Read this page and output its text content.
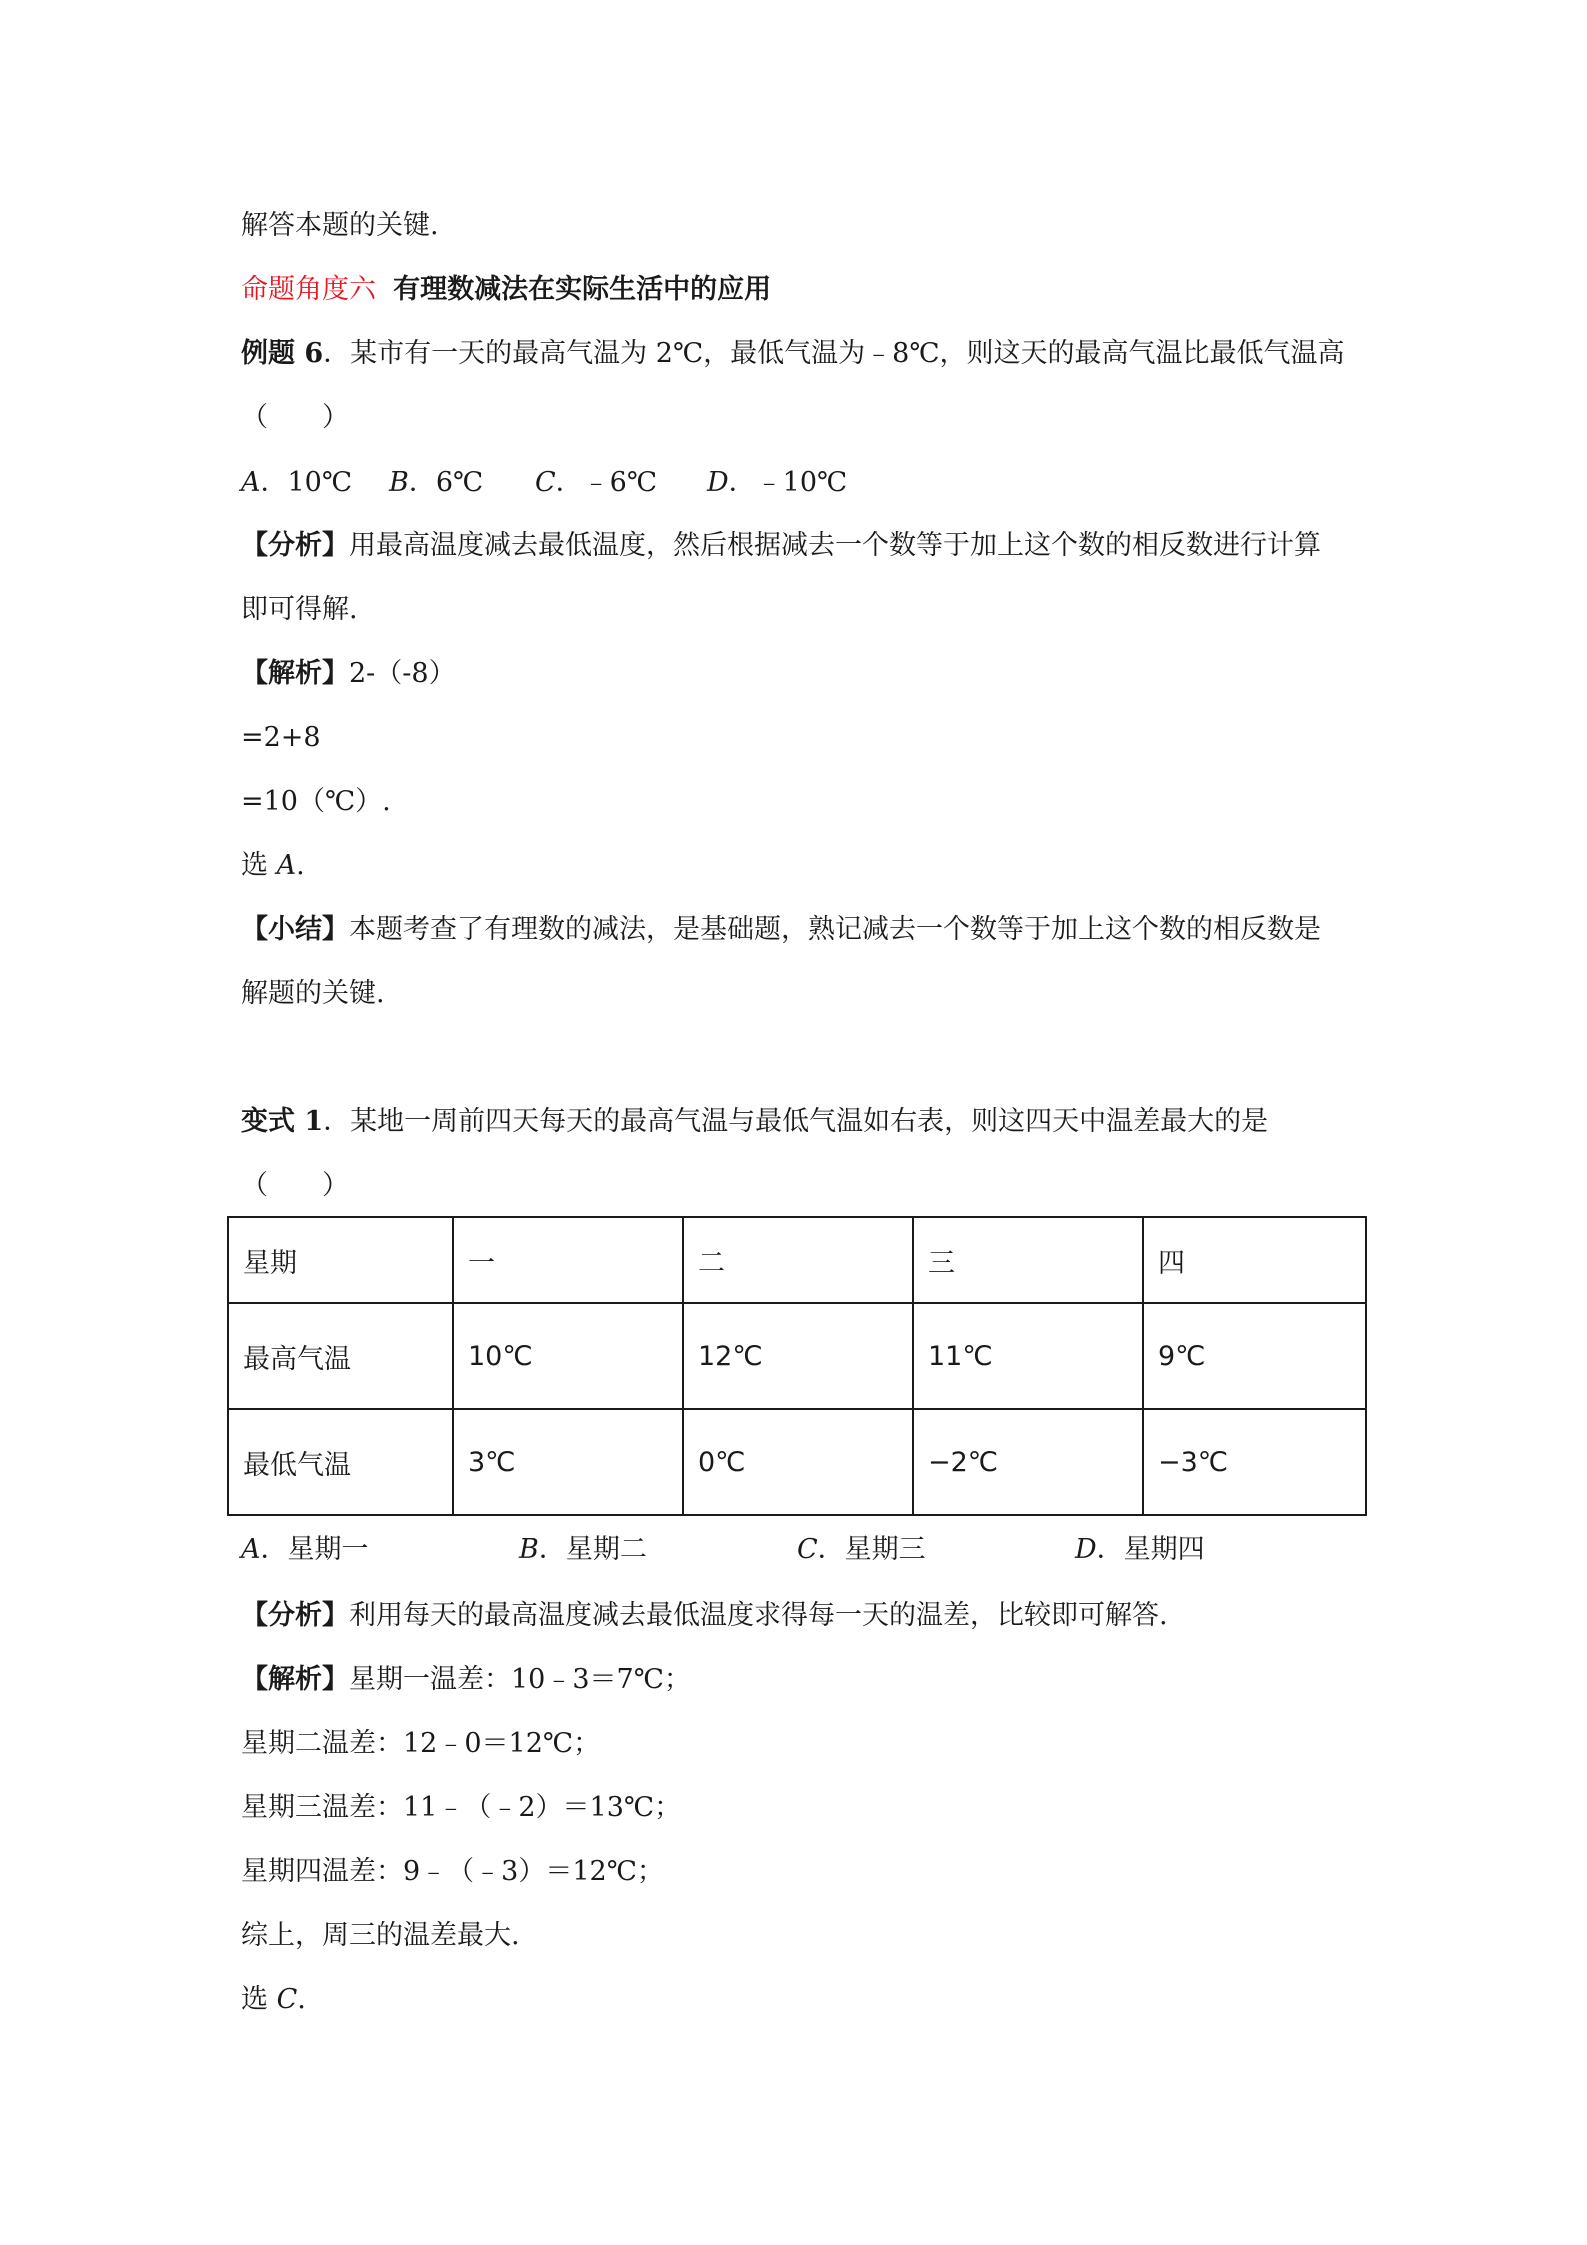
解答本题的关键.
命题角度六 有理数减法在实际生活中的应用
例题 6．某市有一天的最高气温为 2℃，最低气温为﹣8℃，则这天的最高气温比最低气温高
（　　）
A．10℃ B．6℃ C．﹣6℃ D．﹣10℃
【分析】用最高温度减去最低温度，然后根据减去一个数等于加上这个数的相反数进行计算
即可得解.
【解析】2-（-8）
=2+8
=10（℃）.
选 A.
【小结】本题考查了有理数的减法，是基础题，熟记减去一个数等于加上这个数的相反数是
解题的关键.
变式 1．某地一周前四天每天的最高气温与最低气温如右表，则这四天中温差最大的是
（　　）
星期	一	二	三	四
最高气温	10℃	12℃	11℃	9℃
最低气温	3℃	0℃	−2℃	−3℃
A．星期一	B．星期二	C．星期三	D．星期四
【分析】利用每天的最高温度减去最低温度求得每一天的温差，比较即可解答.
【解析】星期一温差：10﹣3＝7℃；
星期二温差：12﹣0＝12℃；
星期三温差：11﹣（﹣2）＝13℃；
星期四温差：9﹣（﹣3）＝12℃；
综上，周三的温差最大.
选 C.
